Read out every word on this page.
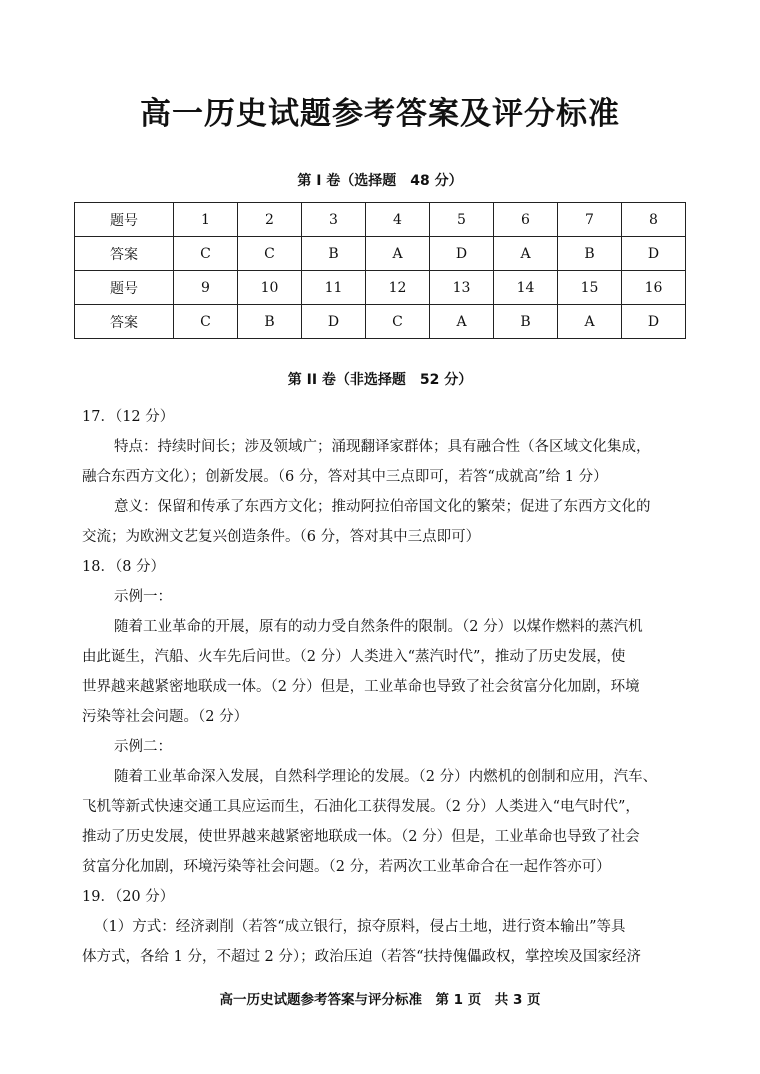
高一历史试题参考答案及评分标准
第 I 卷（选择题　48 分）
题号	1	2	3	4	5	6	7	8
答案	C	C	B	A	D	A	B	D
题号	9	10	11	12	13	14	15	16
答案	C	B	D	C	A	B	A	D
第 II 卷（非选择题　52 分）
17．（12 分）
特点：持续时间长；涉及领域广；涌现翻译家群体；具有融合性（各区域文化集成，
融合东西方文化）；创新发展。（6 分，答对其中三点即可，若答“成就高”给 1 分）
意义：保留和传承了东西方文化；推动阿拉伯帝国文化的繁荣；促进了东西方文化的
交流；为欧洲文艺复兴创造条件。（6 分，答对其中三点即可）
18．（8 分）
示例一：
随着工业革命的开展，原有的动力受自然条件的限制。（2 分）以煤作燃料的蒸汽机
由此诞生，汽船、火车先后问世。（2 分）人类进入“蒸汽时代”，推动了历史发展，使
世界越来越紧密地联成一体。（2 分）但是，工业革命也导致了社会贫富分化加剧，环境
污染等社会问题。（2 分）
示例二：
随着工业革命深入发展，自然科学理论的发展。（2 分）内燃机的创制和应用，汽车、
飞机等新式快速交通工具应运而生，石油化工获得发展。（2 分）人类进入“电气时代”，
推动了历史发展，使世界越来越紧密地联成一体。（2 分）但是，工业革命也导致了社会
贫富分化加剧，环境污染等社会问题。（2 分，若两次工业革命合在一起作答亦可）
19．（20 分）
（1）方式：经济剥削（若答“成立银行，掠夺原料，侵占土地，进行资本输出”等具
体方式，各给 1 分，不超过 2 分）；政治压迫（若答“扶持傀儡政权，掌控埃及国家经济
高一历史试题参考答案与评分标准　第 1 页　共 3 页
